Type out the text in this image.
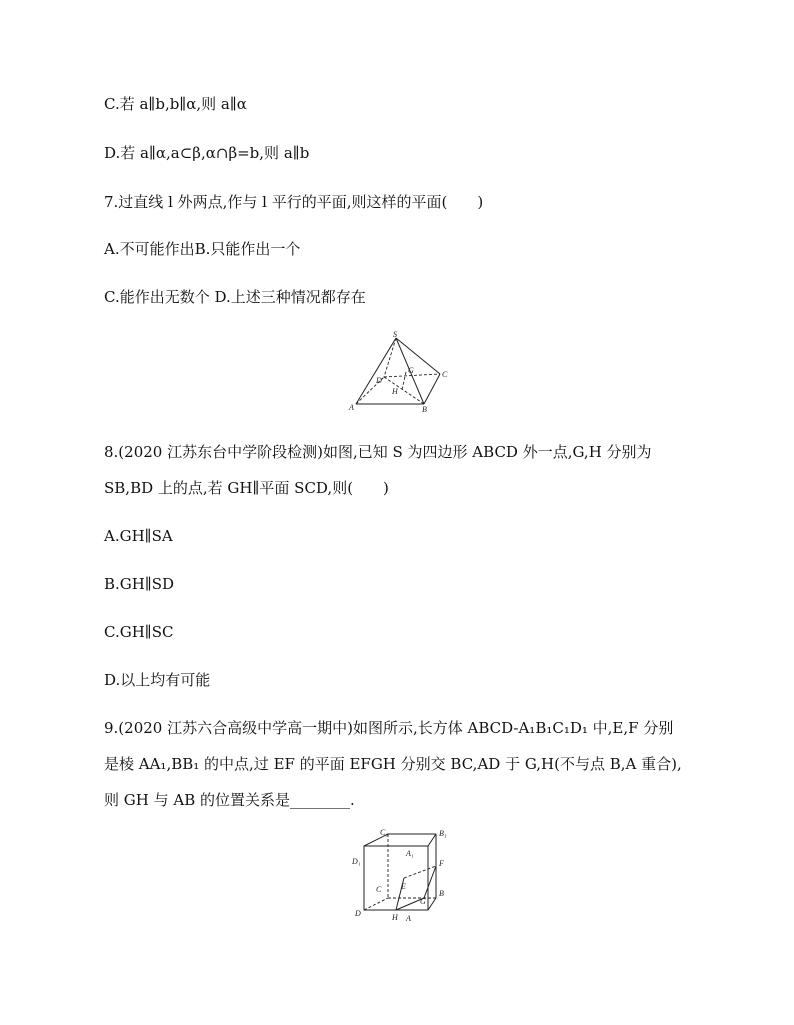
C.若 a∥b,b∥α,则 a∥α
D.若 a∥α,a⊂β,α∩β=b,则 a∥b
7.过直线 l 外两点,作与 l 平行的平面,则这样的平面(　　)
A.不可能作出B.只能作出一个
C.能作出无数个 D.上述三种情况都存在
S
A	B
C
D
G
H
8.(2020 江苏东台中学阶段检测)如图,已知 S 为四边形 ABCD 外一点,G,H 分别为
SB,BD 上的点,若 GH∥平面 SCD,则(　　)
A.GH∥SA
B.GH∥SD
C.GH∥SC
D.以上均有可能
9.(2020 江苏六合高级中学高一期中)如图所示,长方体 ABCD-A₁B₁C₁D₁ 中,E,F 分别
是棱 AA₁,BB₁ 的中点,过 EF 的平面 EFGH 分别交 BC,AD 于 G,H(不与点 B,A 重合),
则 GH 与 AB 的位置关系是________.
C₁	B₁
D₁
A₁
F
C E
B
G
D	H A
